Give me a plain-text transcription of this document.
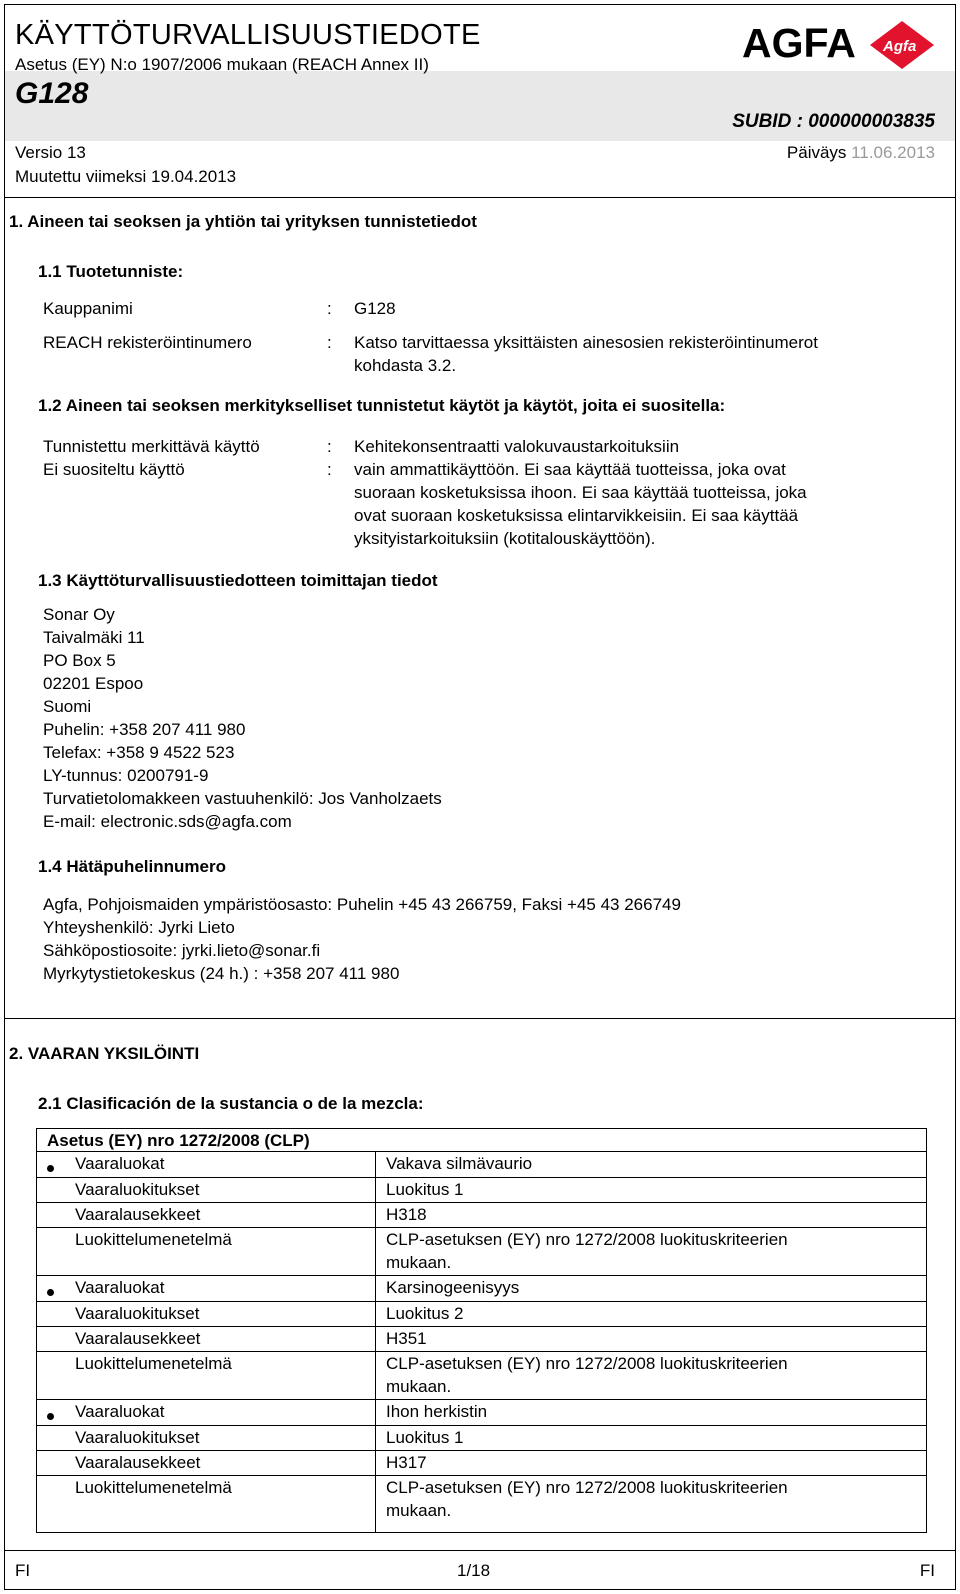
KÄYTTÖTURVALLISUUSTIEDOTE
Asetus (EY) N:o 1907/2006 mukaan (REACH Annex II)
G128
AGFA Agfa
SUBID : 000000003835
Versio 13
Muutettu viimeksi 19.04.2013
Päiväys 11.06.2013
1. Aineen tai seoksen ja yhtiön tai yrityksen tunnistetiedot
1.1 Tuotetunniste:
Kauppanimi	: G128
REACH rekisteröintinumero	: Katso tarvittaessa yksittäisten ainesosien rekisteröintinumerot
kohdasta 3.2.
1.2 Aineen tai seoksen merkitykselliset tunnistetut käytöt ja käytöt, joita ei suositella:
Tunnistettu merkittävä käyttö	: Kehitekonsentraatti valokuvaustarkoituksiin
Ei suositeltu käyttö	: vain ammattikäyttöön. Ei saa käyttää tuotteissa, joka ovat
suoraan kosketuksissa ihoon. Ei saa käyttää tuotteissa, joka
ovat suoraan kosketuksissa elintarvikkeisiin. Ei saa käyttää
yksityistarkoituksiin (kotitalouskäyttöön).
1.3 Käyttöturvallisuustiedotteen toimittajan tiedot
Sonar Oy
Taivalmäki 11
PO Box 5
02201 Espoo
Suomi
Puhelin: +358 207 411 980
Telefax: +358 9 4522 523
LY-tunnus: 0200791-9
Turvatietolomakkeen vastuuhenkilö: Jos Vanholzaets
E-mail: electronic.sds@agfa.com
1.4 Hätäpuhelinnumero
Agfa, Pohjoismaiden ympäristöosasto: Puhelin +45 43 266759, Faksi +45 43 266749
Yhteyshenkilö: Jyrki Lieto
Sähköpostiosoite: jyrki.lieto@sonar.fi
Myrkytystietokeskus (24 h.) : +358 207 411 980
2. VAARAN YKSILÖINTI
2.1 Clasificación de la sustancia o de la mezcla:
Asetus (EY) nro 1272/2008 (CLP)
Vaaraluokat	Vakava silmävaurio
Vaaraluokitukset	Luokitus 1
Vaaralausekkeet	H318
Luokittelumenetelmä	CLP-asetuksen (EY) nro 1272/2008 luokituskriteerien
mukaan.
Vaaraluokat	Karsinogeenisyys
Vaaraluokitukset	Luokitus 2
Vaaralausekkeet	H351
Luokittelumenetelmä	CLP-asetuksen (EY) nro 1272/2008 luokituskriteerien
mukaan.
Vaaraluokat	Ihon herkistin
Vaaraluokitukset	Luokitus 1
Vaaralausekkeet	H317
Luokittelumenetelmä	CLP-asetuksen (EY) nro 1272/2008 luokituskriteerien
mukaan.
FI	1/18	FI
